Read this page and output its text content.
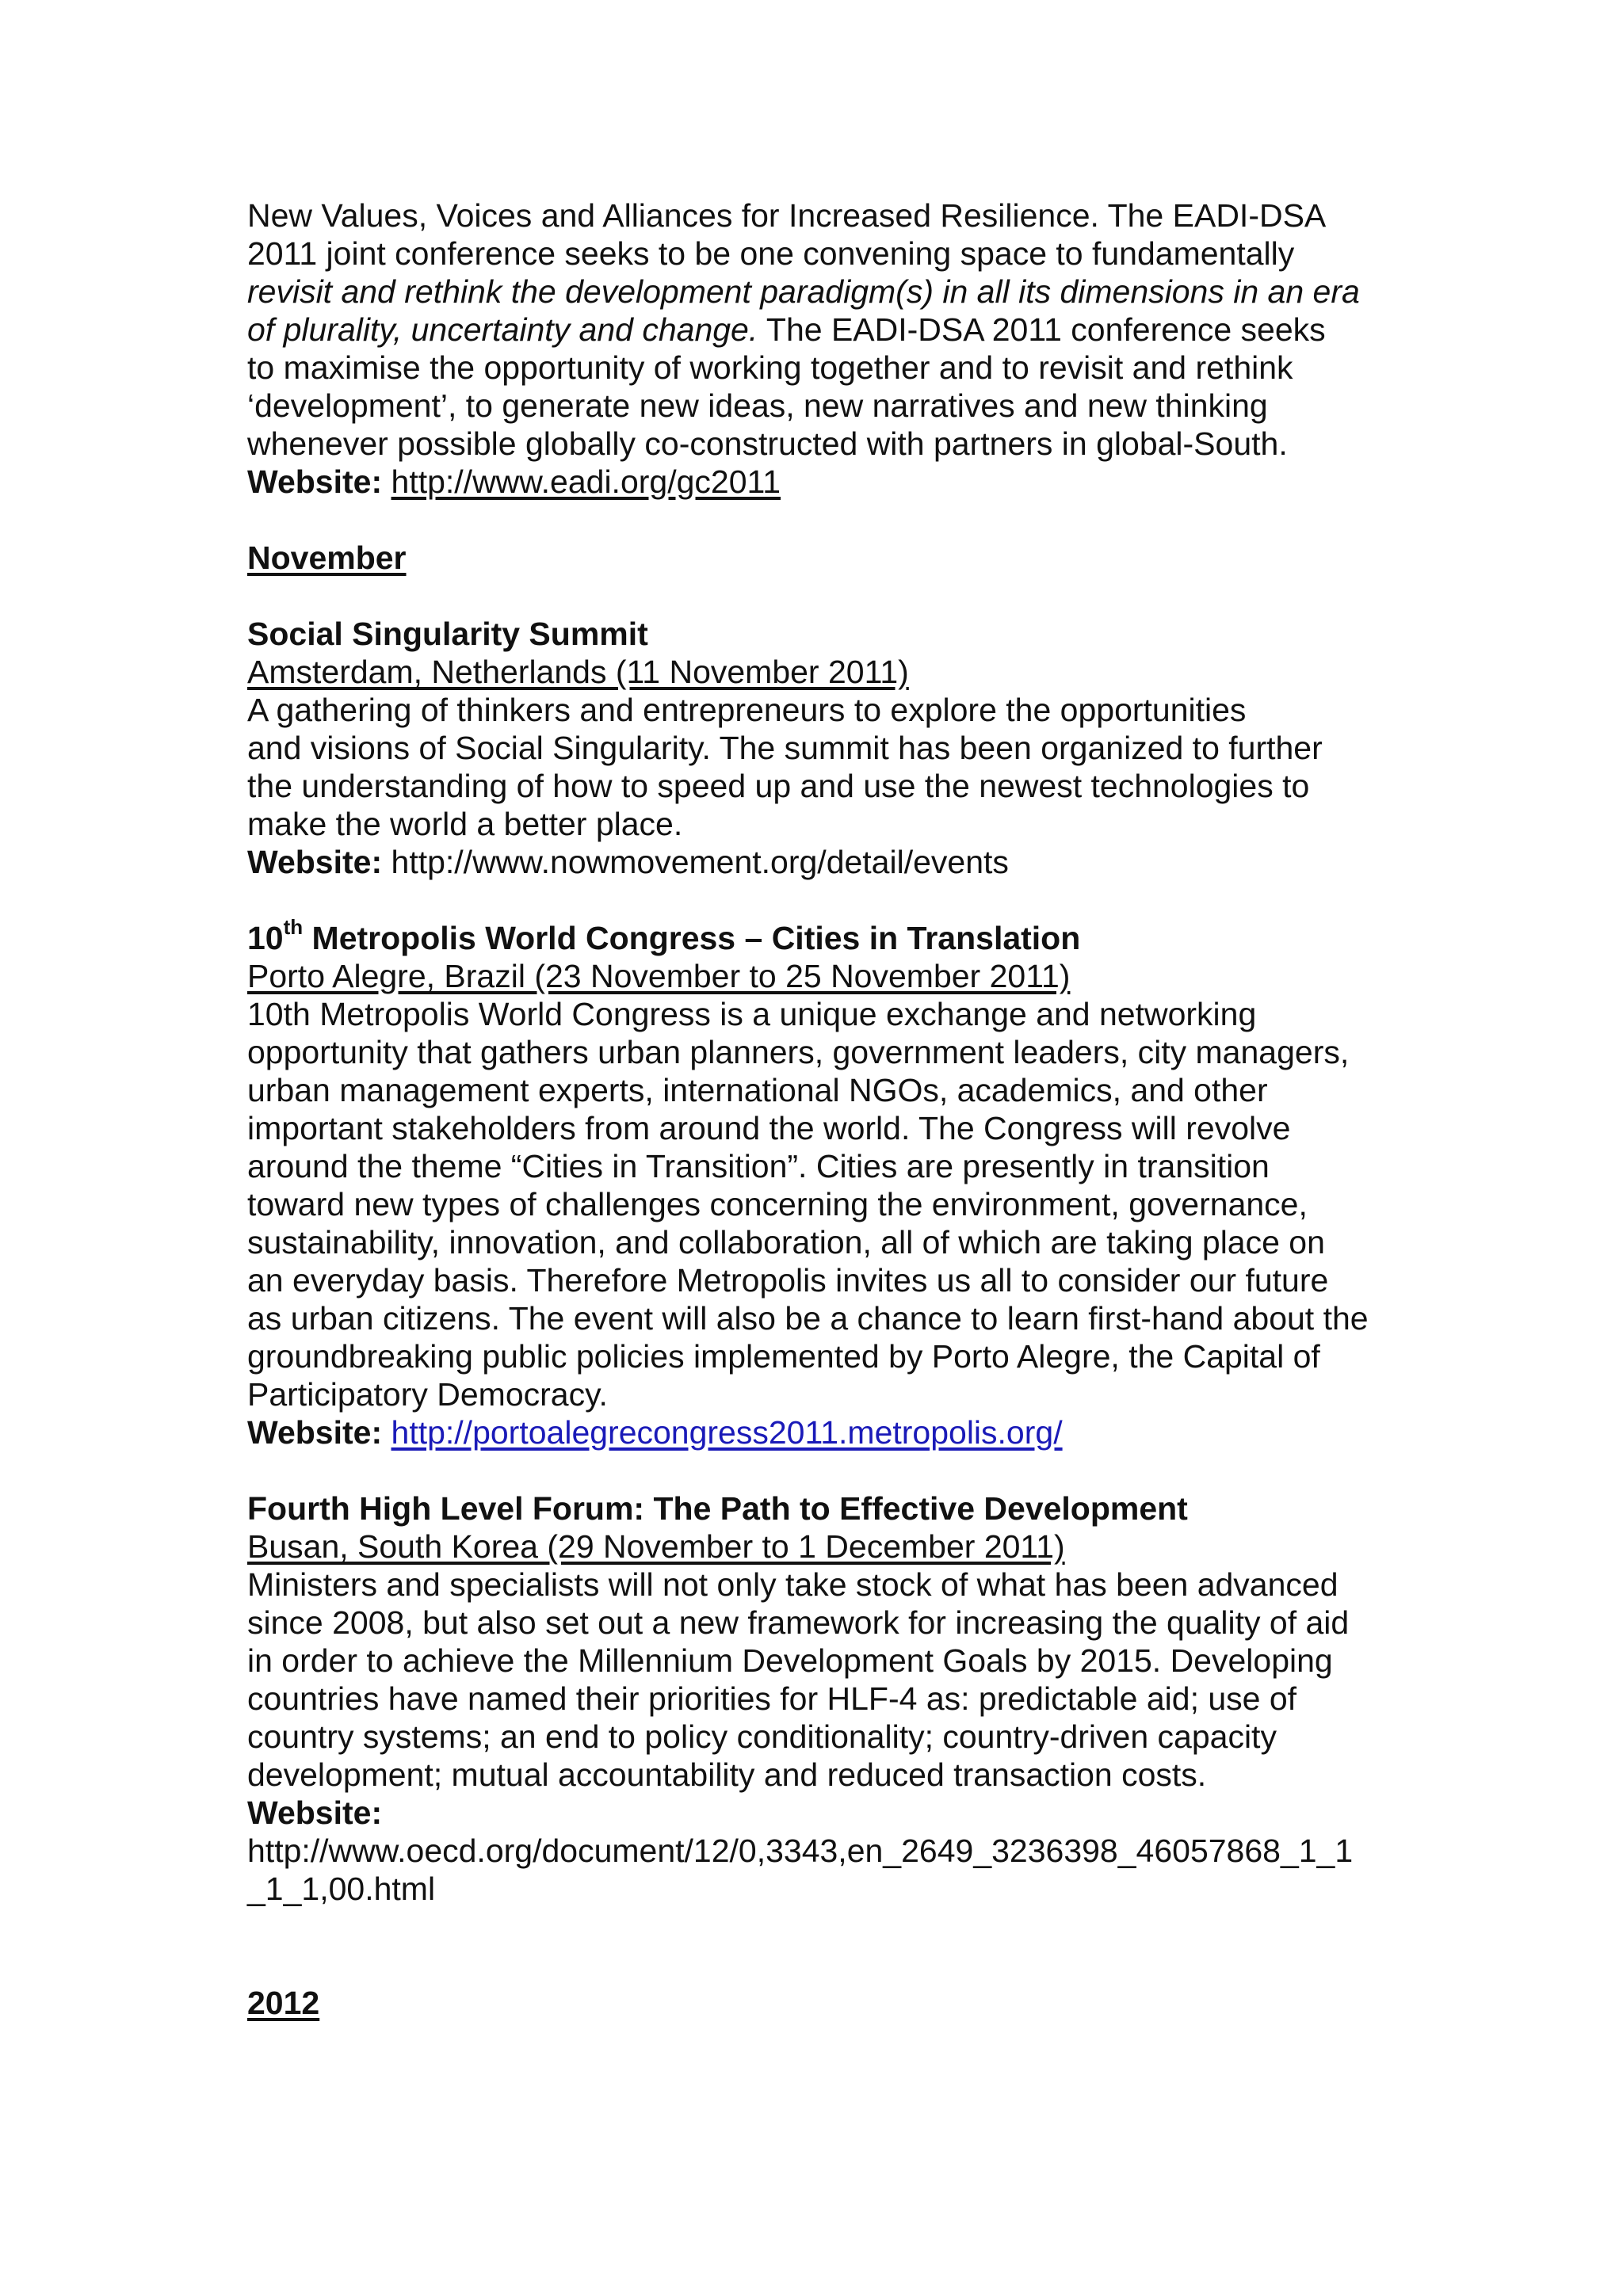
New Values, Voices and Alliances for Increased Resilience. The EADI-DSA
2011 joint conference seeks to be one convening space to fundamentally
revisit and rethink the development paradigm(s) in all its dimensions in an era
of plurality, uncertainty and change. The EADI-DSA 2011 conference seeks
to maximise the opportunity of working together and to revisit and rethink
‘development’, to generate new ideas, new narratives and new thinking
whenever possible globally co-constructed with partners in global-South.
Website: http://www.eadi.org/gc2011
November
Social Singularity Summit
Amsterdam, Netherlands (11 November 2011)
A gathering of thinkers and entrepreneurs to explore the opportunities
and visions of Social Singularity. The summit has been organized to further
the understanding of how to speed up and use the newest technologies to
make the world a better place.
Website: http://www.nowmovement.org/detail/events
10th Metropolis World Congress – Cities in Translation
Porto Alegre, Brazil (23 November to 25 November 2011)
10th Metropolis World Congress is a unique exchange and networking
opportunity that gathers urban planners, government leaders, city managers,
urban management experts, international NGOs, academics, and other
important stakeholders from around the world. The Congress will revolve
around the theme “Cities in Transition”. Cities are presently in transition
toward new types of challenges concerning the environment, governance,
sustainability, innovation, and collaboration, all of which are taking place on
an everyday basis. Therefore Metropolis invites us all to consider our future
as urban citizens. The event will also be a chance to learn first-hand about the
groundbreaking public policies implemented by Porto Alegre, the Capital of
Participatory Democracy.
Website: http://portoalegrecongress2011.metropolis.org/
Fourth High Level Forum: The Path to Effective Development
Busan, South Korea (29 November to 1 December 2011)
Ministers and specialists will not only take stock of what has been advanced
since 2008, but also set out a new framework for increasing the quality of aid
in order to achieve the Millennium Development Goals by 2015. Developing
countries have named their priorities for HLF-4 as: predictable aid; use of
country systems; an end to policy conditionality; country-driven capacity
development; mutual accountability and reduced transaction costs.
Website:
http://www.oecd.org/document/12/0,3343,en_2649_3236398_46057868_1_1
_1_1,00.html
2012
